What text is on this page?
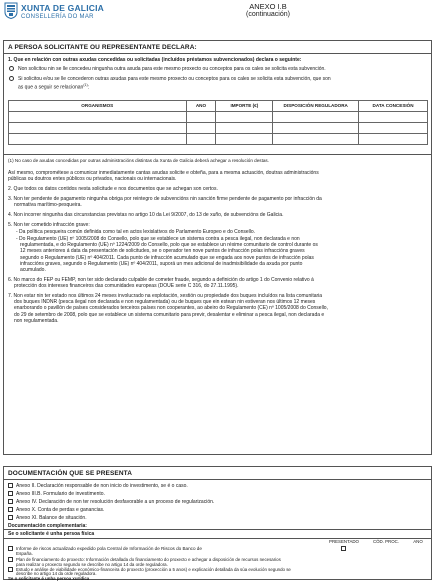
XUNTA DE GALICIA
CONSELLERÍA DO MAR
ANEXO I.B
(continuación)
A PERSOA SOLICITANTE OU REPRESENTANTE DECLARA:
1. Que en relación con outras axudas concedidas ou solicitadas (incluídos préstamos subvencionados) declara o seguinte:
Non solicitou nin se lle concedeu ningunha outra axuda para este mesmo proxecto ou conceptos para os cales se solicita esta subvención.
Si solicitou e/ou se lle concederon outras axudas para este mesmo proxecto ou conceptos para os cales se solicita esta subvención, que son
as que a seguir se relacionan$^{(1)}$:
ORGANISMOS	ANO	IMPORTE (€)	DISPOSICIÓN REGULADORA	DATA CONCESIÓN

(1) No caso de axudas concedidas por outras administracións distintas da Xunta de Galicia deberá achegar a resolución destas.
Así mesmo, comprométese a comunicar inmediatamente cantas axudas solicite e obteña, para a mesma actuación, doutras administracións
públicas ou doutros entes públicos ou privados, nacionais ou internacionais.
2. Que todos os datos contidos nesta solicitude e nos documentos que se achegan son certos.
3. Non ter pendente de pagamento ningunha obriga por reintegro de subvencións nin sanción firme pendente de pagamento por infracción da
normativa marítimo-pesqueira.
4. Non incorrer ningunha das circunstancias previstas no artigo 10 da Lei 9/2007, do 13 de xuño, de subvencións de Galicia.
5. Non ter cometido infracción grave:
- Da política pesqueira común definida como tal en actos lexislativos do Parlamento Europeo e do Consello.
- Do Regulamento (UE) nº 1005/2008 do Consello, polo que se establece un sistema contra a pesca ilegal, non declarada e non
regulamentada, e do Regulamento (UE) nº 1224/2009 do Consello, polo que se establece un réxime comunitario de control durante os
12 meses anteriores á data da presentación de solicitudes, se o operador ten nove puntos de infracción polas infraccións graves
segundo o Regulamento (UE) nº 404/2011. Cada punto de infracción acumulado que se engada aos nove puntos de infracción polas
infraccións graves, segundo o Regulamento (UE) nº 404/2011, suporá un mes adicional de inadmisibilidade da axuda por punto
acumulado.
6. No marco do FEP ou FEMP, non ter sido declarado culpable de cometer fraude, segundo a definición do artigo 1 do Convenio relativo á
protección dos intereses financeiros das comunidades europeas (DOUE serie C 316, do 27.11.1995).
7. Non estar nin ter estado nos últimos 24 meses involucrado na explotación, xestión ou propiedade dos buques incluídos na lista comunitaria
dos buques INDNR (pesca ilegal non declarada e non regulamentada) ou de buques que ein estean nin estiveran nos últimos 12 meses
enarborando o pavillón de países considerados terceiros países non cooperantes, ao abeiro do Regulamento (CE) nº 1005/2008 do Consello,
do 29 de setembro de 2008, polo que se establece un sistema comunitario para previr, desalentar e eliminar a pesca ilegal, non declarada e
non regulamentada.
DOCUMENTACIÓN QUE SE PRESENTA
Anexo II. Declaración responsable de non inicio do investimento, se é o caso.
Anexo III.B. Formulario de investimento.
Anexo IV. Declaración de non ter resolución desfavorable a un proceso de regularización.
Anexo X. Conta de perdas e ganancias.
Anexo XI. Balance de situación.
Documentación complementaria:
Se o solicitante é unha persoa física
PRESENTADO	CÓD. PROC.	ANO
Informe de riscos actualizado expedido pola Central de Información de Riscos do Banco de
España.
Plan de financiamento do proxecto: Información detallada do financiamento do proxecto e achegar a disposición de recursos necesarios
para realizar o proxecto segundo se describe no artigo 14 da orde reguladora.
Estudo e análise de viabilidade económico-financeira do proxecto (proxección a 5 anos) e explicación detallada da súa evolución segundo se
describe no artigo 14 da orde reguladora.
Se o solicitante é unha persoa xurídica
